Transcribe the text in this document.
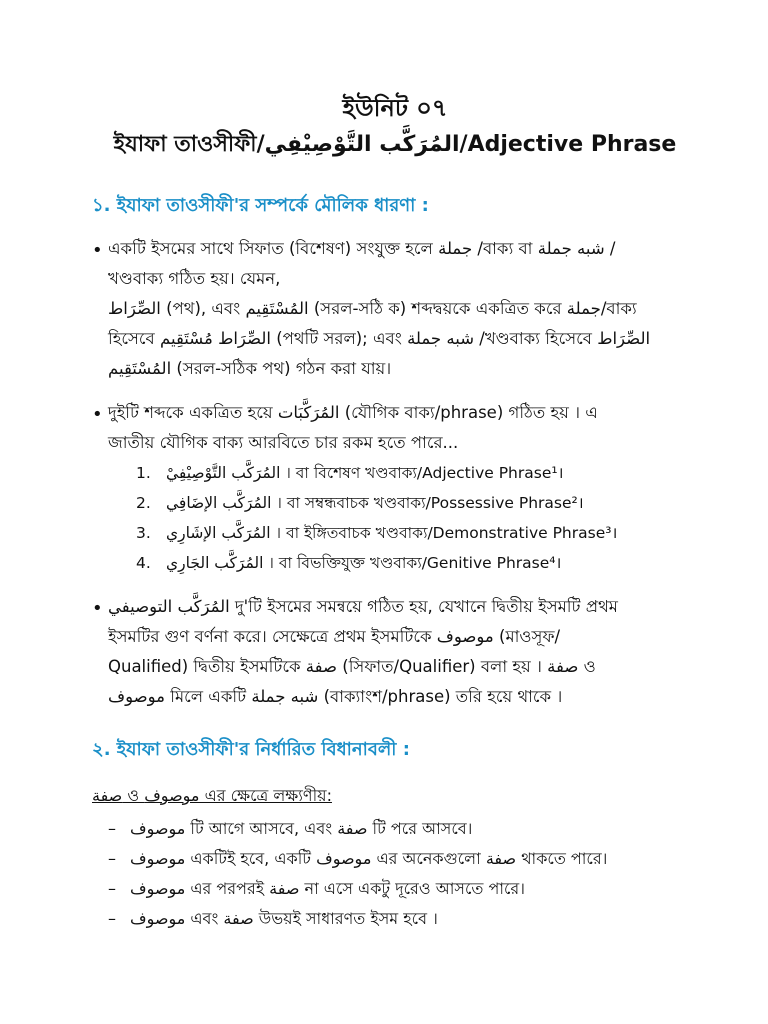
ইউনিট ০৭
ইযাফা তাওসীফী/المُرَكَّب التَّوْصِيْفِي/Adjective Phrase
১. ইযাফা তাওসীফী'র সম্পর্কে মৌলিক ধারণা :
• একটি ইসমের সাথে সিফাত (বিশেষণ) সংযুক্ত হলে جملة /বাক্য বা شبه جملة /
খণ্ডবাক্য গঠিত হয়। যেমন,
الصِّرَاط (পথ), এবং المُسْتَقِيم (সরল-সঠি ক) শব্দদ্বয়কে একত্রিত করে جملة/বাক্য
হিসেবে الصِّرَاط مُسْتَقِيم (পথটি সরল); এবং شبه جملة /খণ্ডবাক্য হিসেবে الصِّرَاط
المُسْتَقِيم (সরল-সঠিক পথ) গঠন করা যায়।
• দুইটি শব্দকে একত্রিত হয়ে المُرَكَّبَات (যৌগিক বাক্য/phrase) গঠিত হয় । এ
জাতীয় যৌগিক বাক্য আরবিতে চার রকম হতে পারে...
1. المُرَكَّب التَّوْصِيْفِيْ । বা বিশেষণ খণ্ডবাক্য/Adjective Phrase¹।
2. المُرَكَّب الإضَافِي । বা সম্বন্ধবাচক খণ্ডবাক্য/Possessive Phrase²।
3. المُرَكَّب الإشَارِي । বা ইঙ্গিতবাচক খণ্ডবাক্য/Demonstrative Phrase³।
4. المُرَكَّب الجَارِي । বা বিভক্তিযুক্ত খণ্ডবাক্য/Genitive Phrase⁴।
• المُرَكَّب التوصيفي দু'টি ইসমের সমন্বয়ে গঠিত হয়, যেখানে দ্বিতীয় ইসমটি প্রথম
ইসমটির গুণ বর্ণনা করে। সেক্ষেত্রে প্রথম ইসমটিকে موصوف (মাওসূফ/
Qualified) দ্বিতীয় ইসমটিকে صفة (সিফাত/Qualifier) বলা হয় । صفة ও
موصوف মিলে একটি شبه جملة (বাক্যাংশ/phrase) তরি হয়ে থাকে ।
২. ইযাফা তাওসীফী'র নির্ধারিত বিধানাবলী :
صفة ও موصوف এর ক্ষেত্রে লক্ষ্যণীয়:
– موصوف টি আগে আসবে, এবং صفة টি পরে আসবে।
– موصوف একটিই হবে, একটি موصوف এর অনেকগুলো صفة থাকতে পারে।
– موصوف এর পরপরই صفة না এসে একটু দূরেও আসতে পারে।
– موصوف এবং صفة উভয়ই সাধারণত ইসম হবে ।
